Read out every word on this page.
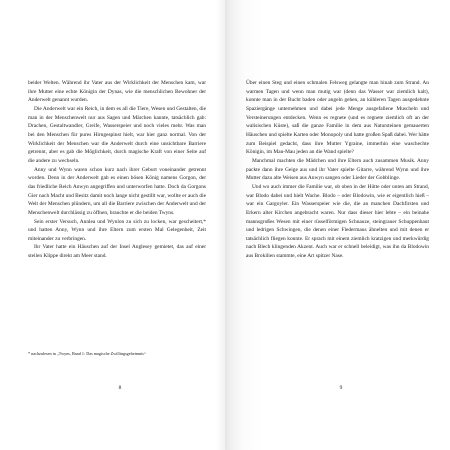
beider Welten. Während ihr Vater aus der Wirklichkeit der Menschen kam, war ihre Mutter eine echte Königin der Dynas, wie die menschlichen Bewohner der Anderwelt genannt wurden.

Die Anderwelt war ein Reich, in dem es all die Tiere, Wesen und Gestalten, die man in der Menschenwelt nur aus Sagen und Märchen kannte, tatsächlich gab: Drachen, Gestaltwandler, Greife, Wasserspeier und noch vieles mehr. Was man bei den Menschen für pures Hirngespinst hielt, war hier ganz normal. Von der Wirklichkeit der Menschen war die Anderwelt durch eine unsichtbare Barriere getrennt, aber es gab die Möglichkeit, durch magische Kraft von einer Seite auf die andere zu wechseln.

Anny und Wynn waren schon kurz nach ihrer Geburt voneinander getrennt worden. Denn in der Anderwelt gab es einen bösen König namens Gorgon, der das friedliche Reich Anwyn angegriffen und unterworfen hatte. Doch da Gorgons Gier nach Macht und Besitz damit noch lange nicht gestillt war, wollte er auch die Welt der Menschen plündern, um all die Barriere zwischen der Anderwelt und der Menschenwelt durchlässig zu öffnen, brauchte er die beiden Twyns.

Sein erster Versuch, Annlea und Wynlon zu sich zu locken, war gescheitert,* und hatten Anny, Wynn und ihre Eltern zum ersten Mal Gelegenheit, Zeit miteinander zu verbringen.

Ihr Vater hatte ein Häuschen auf der Insel Anglesey gemietet, das auf einer steilen Klippe direkt am Meer stand.

* nachzulesen in „Twyns, Band 1: Das magische Zwillingsgeheimnis“
8

Über einen Steg und einen schmalen Felsweg gelangte man hinab zum Strand. An warmen Tagen und wenn man mutig war (denn das Wasser war ziemlich kalt), konnte man in der Bucht baden oder angeln gehen, an kühleren Tagen ausgedehnte Spaziergänge unternehmen und dabei jede Menge ausgefallene Muscheln und Versteinerungen entdecken. Wenn es regnete (und es regnete ziemlich oft an der walisischen Küste), saß die ganze Familie in dem aus Natursteinen gemauerten Häuschen und spielte Karten oder Monopoly und hatte großen Spaß dabei. Wer hätte zum Beispiel gedacht, dass ihre Mutter Ygraine, immerhin eine waschechte Königin, im Mau-Mau jeden an die Wand spielte?

Manchmal machten die Mädchen und ihre Eltern auch zusammen Musik. Anny packte dann ihre Geige aus und ihr Vater spielte Gitarre, während Wynn und ihre Mutter dazu alte Weisen aus Anwyn sangen oder Lieder der Gobblinge.

Und wo auch immer die Familie war, ob oben in der Hütte oder unten am Strand, war Blodo dabei und hielt Wache. Blodo – oder Blodowin, wie er eigentlich hieß – war ein Gargoyler. Ein Wasserspeier wie die, die an manchen Dachfirsten und Erkern alter Kirchen angebracht waren. Nur dass dieser hier lebte – ein beinahe mannsgroßes Wesen mit einer rüsselförmigen Schnauze, steingrauer Schuppenhaut und ledrigen Schwingen, die denen einer Fledermaus ähnelten und mit denen er tatsächlich fliegen konnte. Er sprach mit einem ziemlich kratzigen und merkwürdig nach Blech klingenden Akzent. Auch war er schnell beleidigt, was ihn da Blodowin aus Brokilien stammte, eine Art spitzer Nase.

9
